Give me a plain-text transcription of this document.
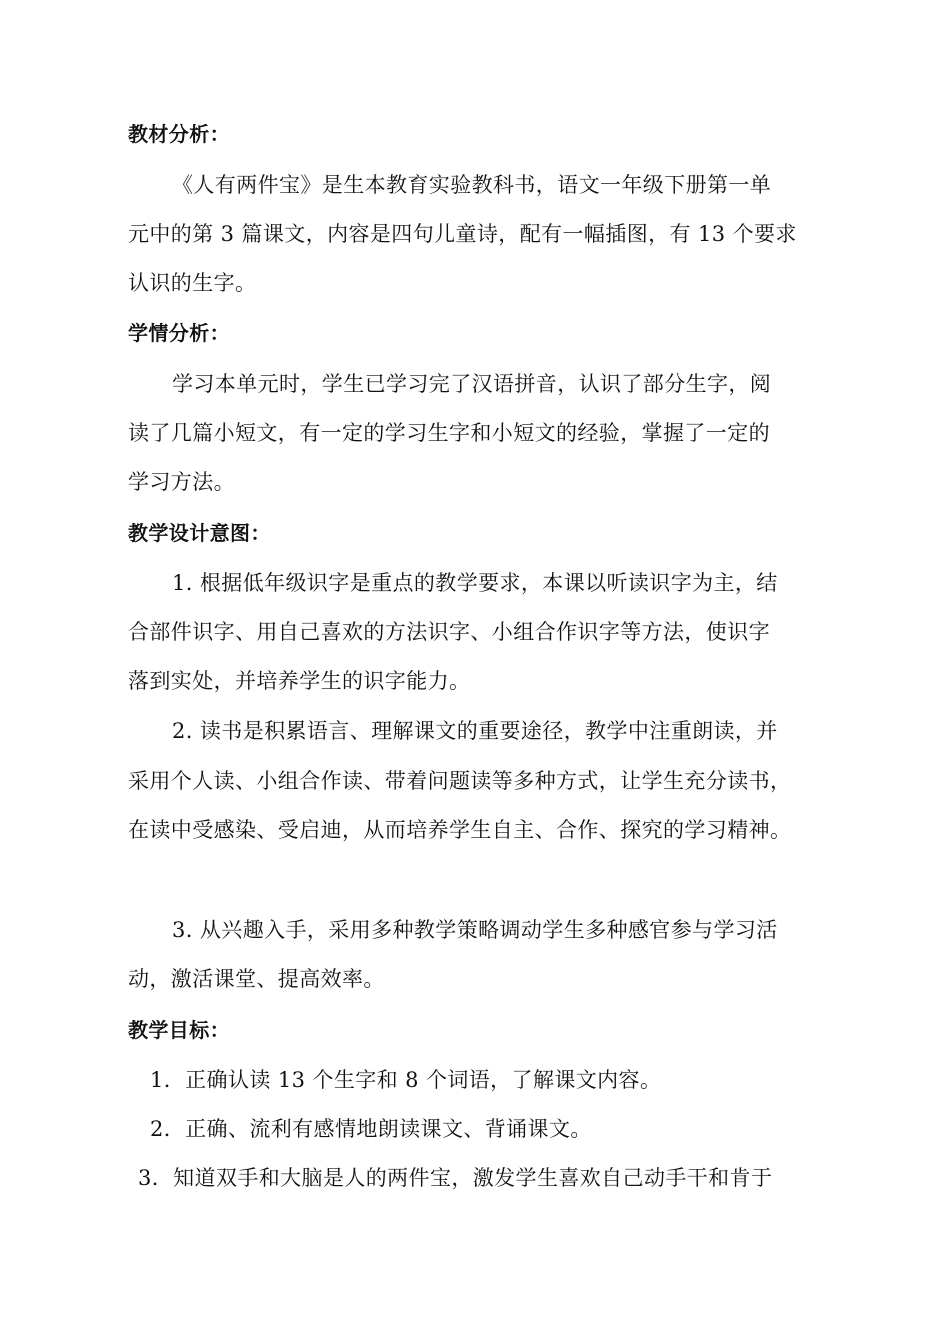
教材分析：
《人有两件宝》是生本教育实验教科书，语文一年级下册第一单
元中的第 3 篇课文，内容是四句儿童诗，配有一幅插图，有 13 个要求
认识的生字。
学情分析：
学习本单元时，学生已学习完了汉语拼音，认识了部分生字，阅
读了几篇小短文，有一定的学习生字和小短文的经验，掌握了一定的
学习方法。
教学设计意图：
1. 根据低年级识字是重点的教学要求，本课以听读识字为主，结
合部件识字、用自己喜欢的方法识字、小组合作识字等方法，使识字
落到实处，并培养学生的识字能力。
2. 读书是积累语言、理解课文的重要途径，教学中注重朗读，并
采用个人读、小组合作读、带着问题读等多种方式，让学生充分读书，
在读中受感染、受启迪，从而培养学生自主、合作、探究的学习精神。
3. 从兴趣入手，采用多种教学策略调动学生多种感官参与学习活
动，激活课堂、提高效率。
教学目标：
1．正确认读 13 个生字和 8 个词语，了解课文内容。
2．正确、流利有感情地朗读课文、背诵课文。
3．知道双手和大脑是人的两件宝，激发学生喜欢自己动手干和肯于
